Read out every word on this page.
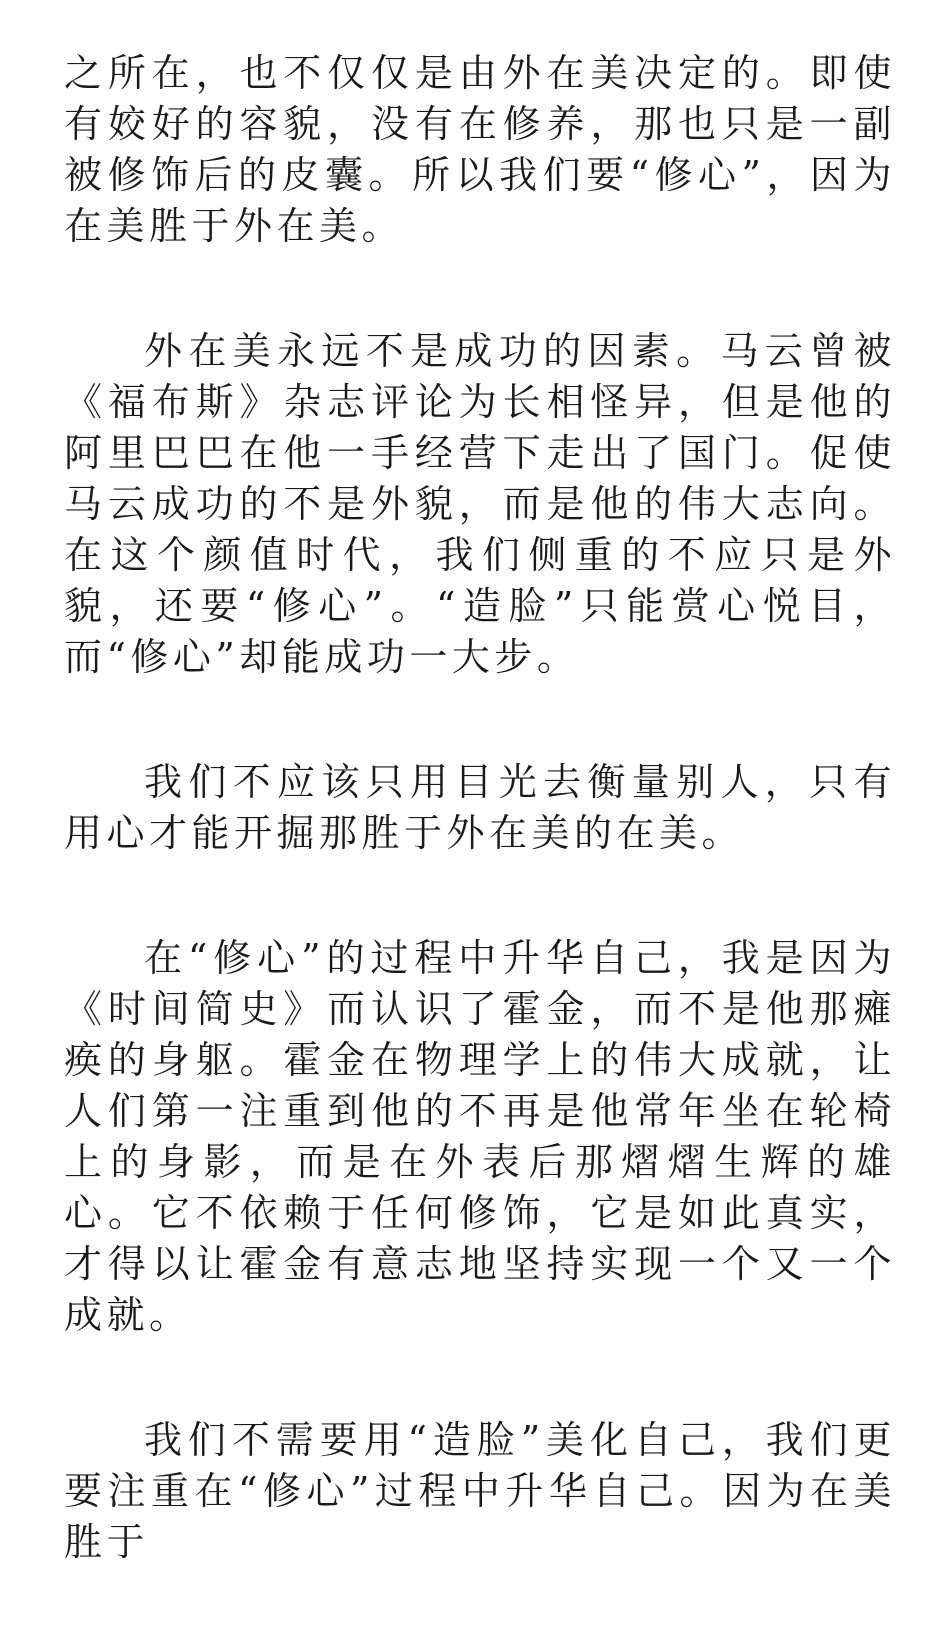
之所在，也不仅仅是由外在美决定的。即使有姣好的容貌，没有在修养，那也只是一副被修饰后的皮囊。所以我们要“修心”，因为在美胜于外在美。

外在美永远不是成功的因素。马云曾被《福布斯》杂志评论为长相怪异，但是他的阿里巴巴在他一手经营下走出了国门。促使马云成功的不是外貌，而是他的伟大志向。在这个颜值时代，我们侧重的不应只是外貌，还要“修心”。“造脸”只能赏心悦目，而“修心”却能成功一大步。

我们不应该只用目光去衡量别人，只有用心才能开掘那胜于外在美的在美。

在“修心”的过程中升华自己，我是因为《时间简史》而认识了霍金，而不是他那瘫痪的身躯。霍金在物理学上的伟大成就，让人们第一注重到他的不再是他常年坐在轮椅上的身影，而是在外表后那熠熠生辉的雄心。它不依赖于任何修饰，它是如此真实，才得以让霍金有意志地坚持实现一个又一个成就。

我们不需要用“造脸”美化自己，我们更要注重在“修心”过程中升华自己。因为在美胜于
